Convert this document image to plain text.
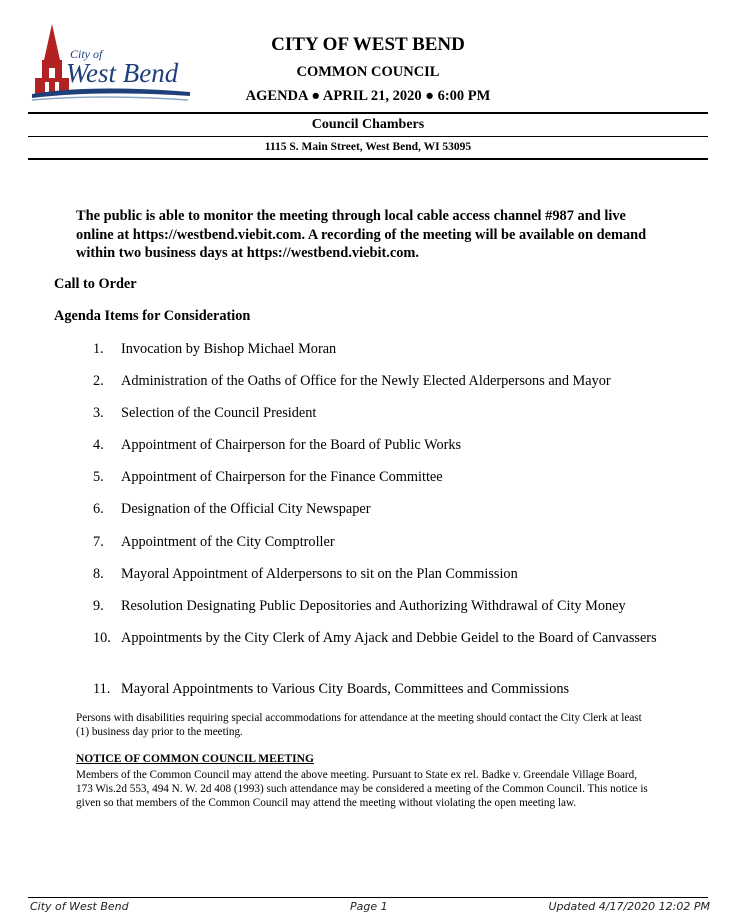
City of
West Bend
CITY OF WEST BEND
COMMON COUNCIL
AGENDA ● APRIL 21, 2020 ● 6:00 PM
Council Chambers
1115 S. Main Street, West Bend, WI 53095
The public is able to monitor the meeting through local cable access channel #987 and live online at https://westbend.viebit.com. A recording of the meeting will be available on demand within two business days at https://westbend.viebit.com.
Call to Order
Agenda Items for Consideration
1. Invocation by Bishop Michael Moran
2. Administration of the Oaths of Office for the Newly Elected Alderpersons and Mayor
3. Selection of the Council President
4. Appointment of Chairperson for the Board of Public Works
5. Appointment of Chairperson for the Finance Committee
6. Designation of the Official City Newspaper
7. Appointment of the City Comptroller
8. Mayoral Appointment of Alderpersons to sit on the Plan Commission
9. Resolution Designating Public Depositories and Authorizing Withdrawal of City Money
10. Appointments by the City Clerk of Amy Ajack and Debbie Geidel to the Board of Canvassers
11. Mayoral Appointments to Various City Boards, Committees and Commissions
Persons with disabilities requiring special accommodations for attendance at the meeting should contact the City Clerk at least (1) business day prior to the meeting.
NOTICE OF COMMON COUNCIL MEETING
Members of the Common Council may attend the above meeting. Pursuant to State ex rel. Badke v. Greendale Village Board, 173 Wis.2d 553, 494 N. W. 2d 408 (1993) such attendance may be considered a meeting of the Common Council. This notice is given so that members of the Common Council may attend the meeting without violating the open meeting law.
City of West Bend	Page 1	Updated 4/17/2020 12:02 PM
